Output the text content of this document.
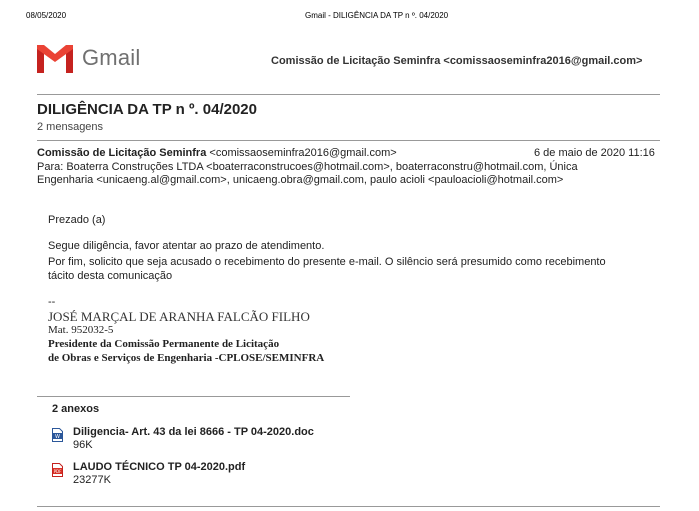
08/05/2020	Gmail - DILIGÊNCIA DA TP n º. 04/2020
Gmail	Comissão de Licitação Seminfra <comissaoseminfra2016@gmail.com>
DILIGÊNCIA DA TP n º. 04/2020
2 mensagens
Comissão de Licitação Seminfra <comissaoseminfra2016@gmail.com>	6 de maio de 2020 11:16
Para: Boaterra Construções LTDA <boaterraconstrucoes@hotmail.com>, boaterraconstru@hotmail.com, Única
Engenharia <unicaeng.al@gmail.com>, unicaeng.obra@gmail.com, paulo acioli <pauloacioli@hotmail.com>
Prezado (a)
Segue diligência, favor atentar ao prazo de atendimento.
Por fim, solicito que seja acusado o recebimento do presente e-mail. O silêncio será presumido como recebimento
tácito desta comunicação
--
JOSÉ MARÇAL DE ARANHA FALCÃO FILHO
Mat. 952032-5
Presidente da Comissão Permanente de Licitação
de Obras e Serviços de Engenharia -CPLOSE/SEMINFRA
2 anexos
W Diligencia- Art. 43 da lei 8666 - TP 04-2020.doc
96K
PDF LAUDO TÉCNICO TP 04-2020.pdf
23277K
